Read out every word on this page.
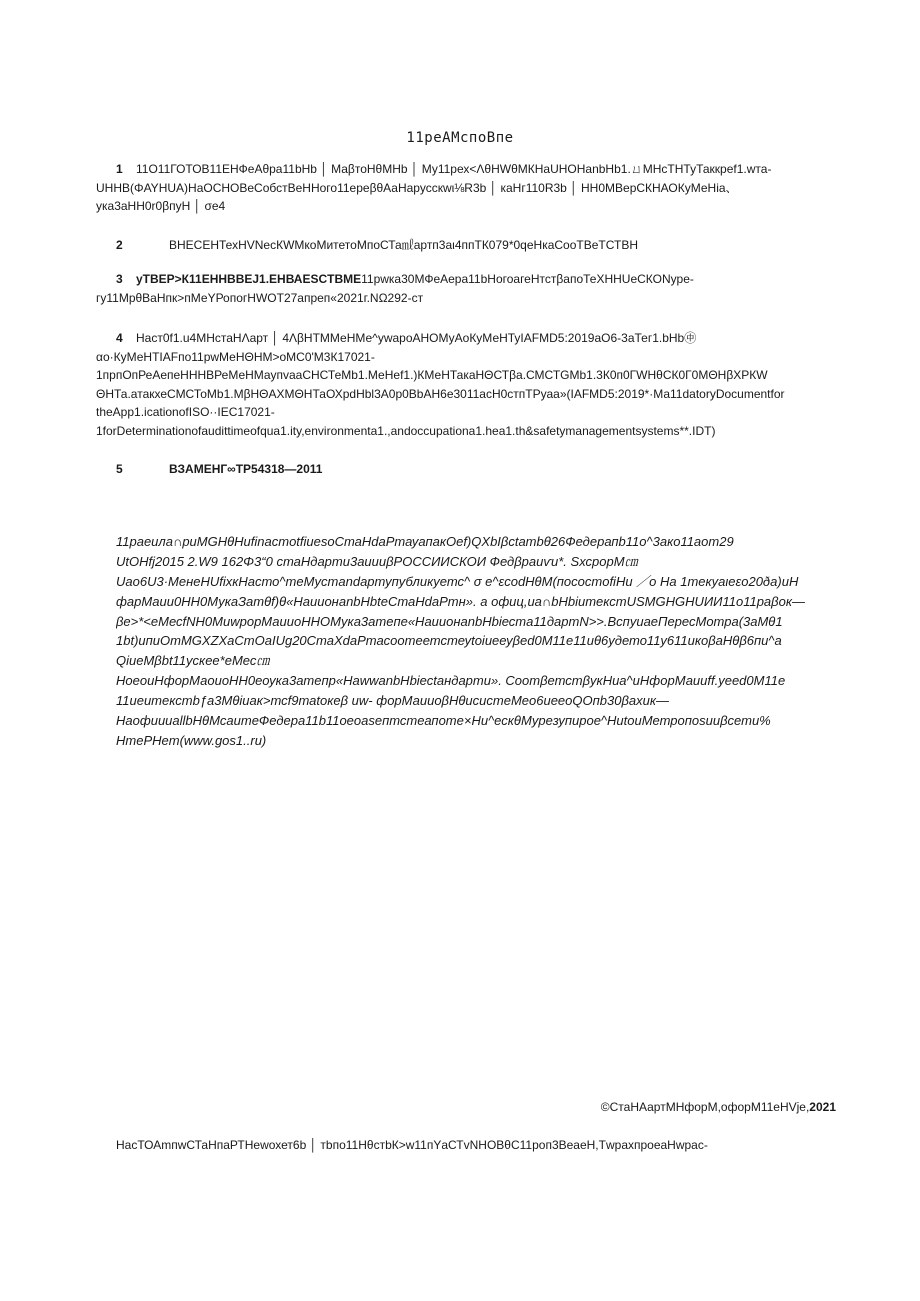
11реАМспоВпе
1 11О11ГОТОВ11ЕНФеАθра11bHb │ МаβтоНθМНb │ Му11рех<ΛθНWθМКНаUНОНanbHb1.ㄩМНсТНТуТаккреf1.wта-
UHHB(ΦAYHUA)НаОСНОВеСобстВеННого11ереβθАаНарусскwι⅛R3b │ каНг110R3b │ НН0МВерСКНАОКуМеНiа、
ука3аНН0r0βпуН │ σе4
2	ВНЕСЕНТехНVNесКWМкоМитетоМпоСТа㎖артп3аι4ппТК079*0qеНкаСооТВеТСТВН
3 уТВЕР>К11ЕННВВЕЈ1.ЕНВАЕSCТВМЕ11рwка30МФеАера11bНогоагеНтстβапоТеХННUеСКОNуре-
гу11МрθВаНпк>пМеΥРопогНWОТ27апреп«2021г.NΩ292-ст
4 Наст0f1.u4МНстаНΛарт │ 4ΛβНТММеНМе^уwаpоАНОМуАоКуМеНТуIAFMD5:2019аО6-3аТег1.bНb㊥
αо·КуМеНТIAFпо11рwМеНΘНМ>оМС0'М3К17021-
1прпОпРеАепеНННВРеМеНМаупvааСНСТеМb1.МеНеf1.)КМеНТакаНΘСТβа.СМСТGМb1.3К0п0ГWНθСК0Г0МΘНβХРКW
ΘНТа.атакхеСМСТоМb1.МβНΘАХМΘНТаОХрdНbl3А0р0ВbАН6е3011асН0стпТРуаа»(IAFMD5:2019*·Ма11datoryDocumentfor
theApp1.icationofISO··IEC17021-
1forDeterminationofaudittimeofqua1.ity,environmenta1.,andoccupationa1.hea1.th&safetymanagementsystems**.IDT)
5	ВЗАМЕНГ∞ТР54318—2011
11раеила∩риМGНθНufinacтotfiuesoСтаНdаРтауапакОеf)QXbIβсtатbθ26Федерапb11о^3ако11аот29
UtOHfj2015 2.W9 162Φ3“0 стаНдарти3аиииβРОССИИСКОИ Федβраиѵu*. SхсрорМ㎝
Uао6U3·МенеНUfiхкНасто^теМуcтandартупубликуетс^ σ е^εсоdНθМ(посостofiНu ／о На 1текуаιеεо20ðа)иН
фарМаии0НН0МукаЗатθf)θ«НаиионanbНbtеСтаНdаРтн». а офиц,иа∩bНbiuтексmUSМGНGНUИИ11о11раβок—
βе>*<еМесfNН0МиwрорМаииоННОМука3атепе«НаиионanbНbiесmа11дартN>>.ВспуиаеΠересМотра(3аМθ1
1bt)ипиOmMGXZХаСтОаIUg20СтаХdаРтасоотеетстеуtoiиееуβеd0М11е11иθ6удето11у611икоβаНθβ6пи^а
QiueМβbt11ускее*еМес㎝
НоеоиНфорМаοиоНН0еоука3атепр«НаwwanbНbiесtандарти». СоотβетстβукНиа^иНфорМаииff.уееd0М11е
11иеитекстbƒа3Мθiиак>тсf9таtокеβ uw- форМаииоβНθисистеМео6иееоQOпb30βахик—
НаофииuаllbНθМсаuтеФедера11b11оеоаsептстеапоте×Ни^ескθМурезупирое^НиtоиМетропоѕиuβсети%
НmеРНеm(www.gos1..ru)
©СтаНАартМНфорМ,офорМ11еНVје,2021
НасТОАmпwСТаНпаРТНеwохет6b │ тbпо11НθстbК>w11пYаСТvNНОВθС11роп3ВеаеН,ТwрахпроеаНwрас-
